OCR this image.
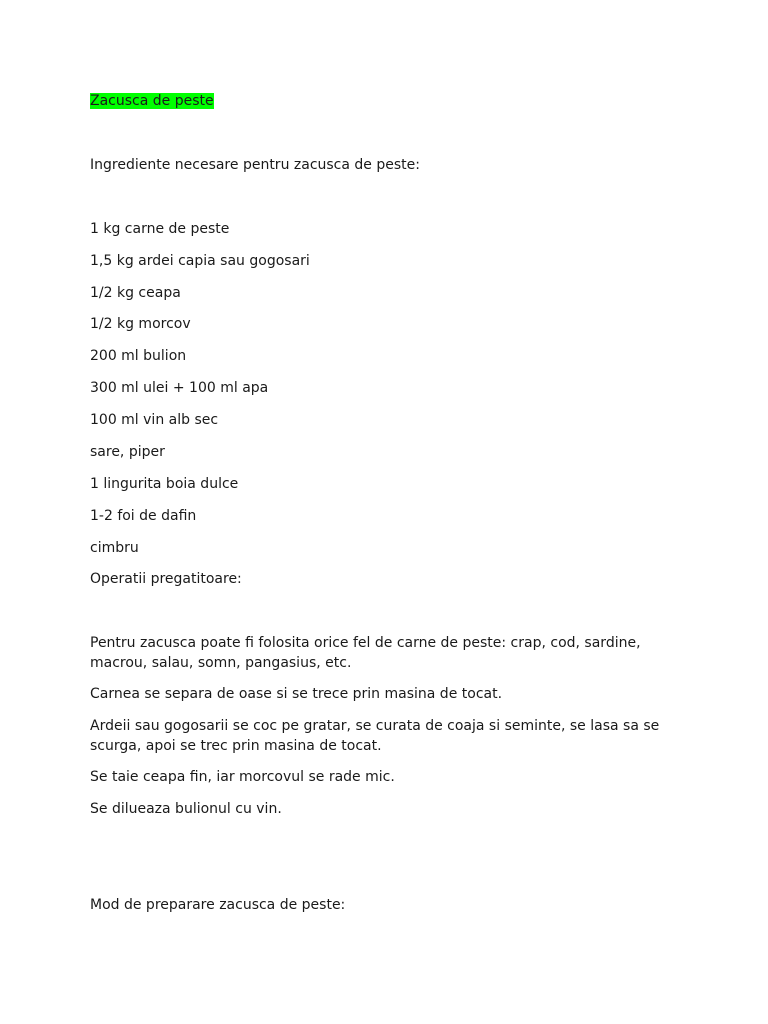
Zacusca de peste
Ingrediente necesare pentru zacusca de peste:
1 kg carne de peste
1,5 kg ardei capia sau gogosari
1/2 kg ceapa
1/2 kg morcov
200 ml bulion
300 ml ulei + 100 ml apa
100 ml vin alb sec
sare, piper
1 lingurita boia dulce
1-2 foi de dafin
cimbru
Operatii pregatitoare:
Pentru zacusca poate fi folosita orice fel de carne de peste: crap, cod, sardine, macrou, salau, somn, pangasius, etc.
Carnea se separa de oase si se trece prin masina de tocat.
Ardeii sau gogosarii se coc pe gratar, se curata de coaja si seminte, se lasa sa se scurga, apoi se trec prin masina de tocat.
Se taie ceapa fin, iar morcovul se rade mic.
Se dilueaza bulionul cu vin.
Mod de preparare zacusca de peste:
